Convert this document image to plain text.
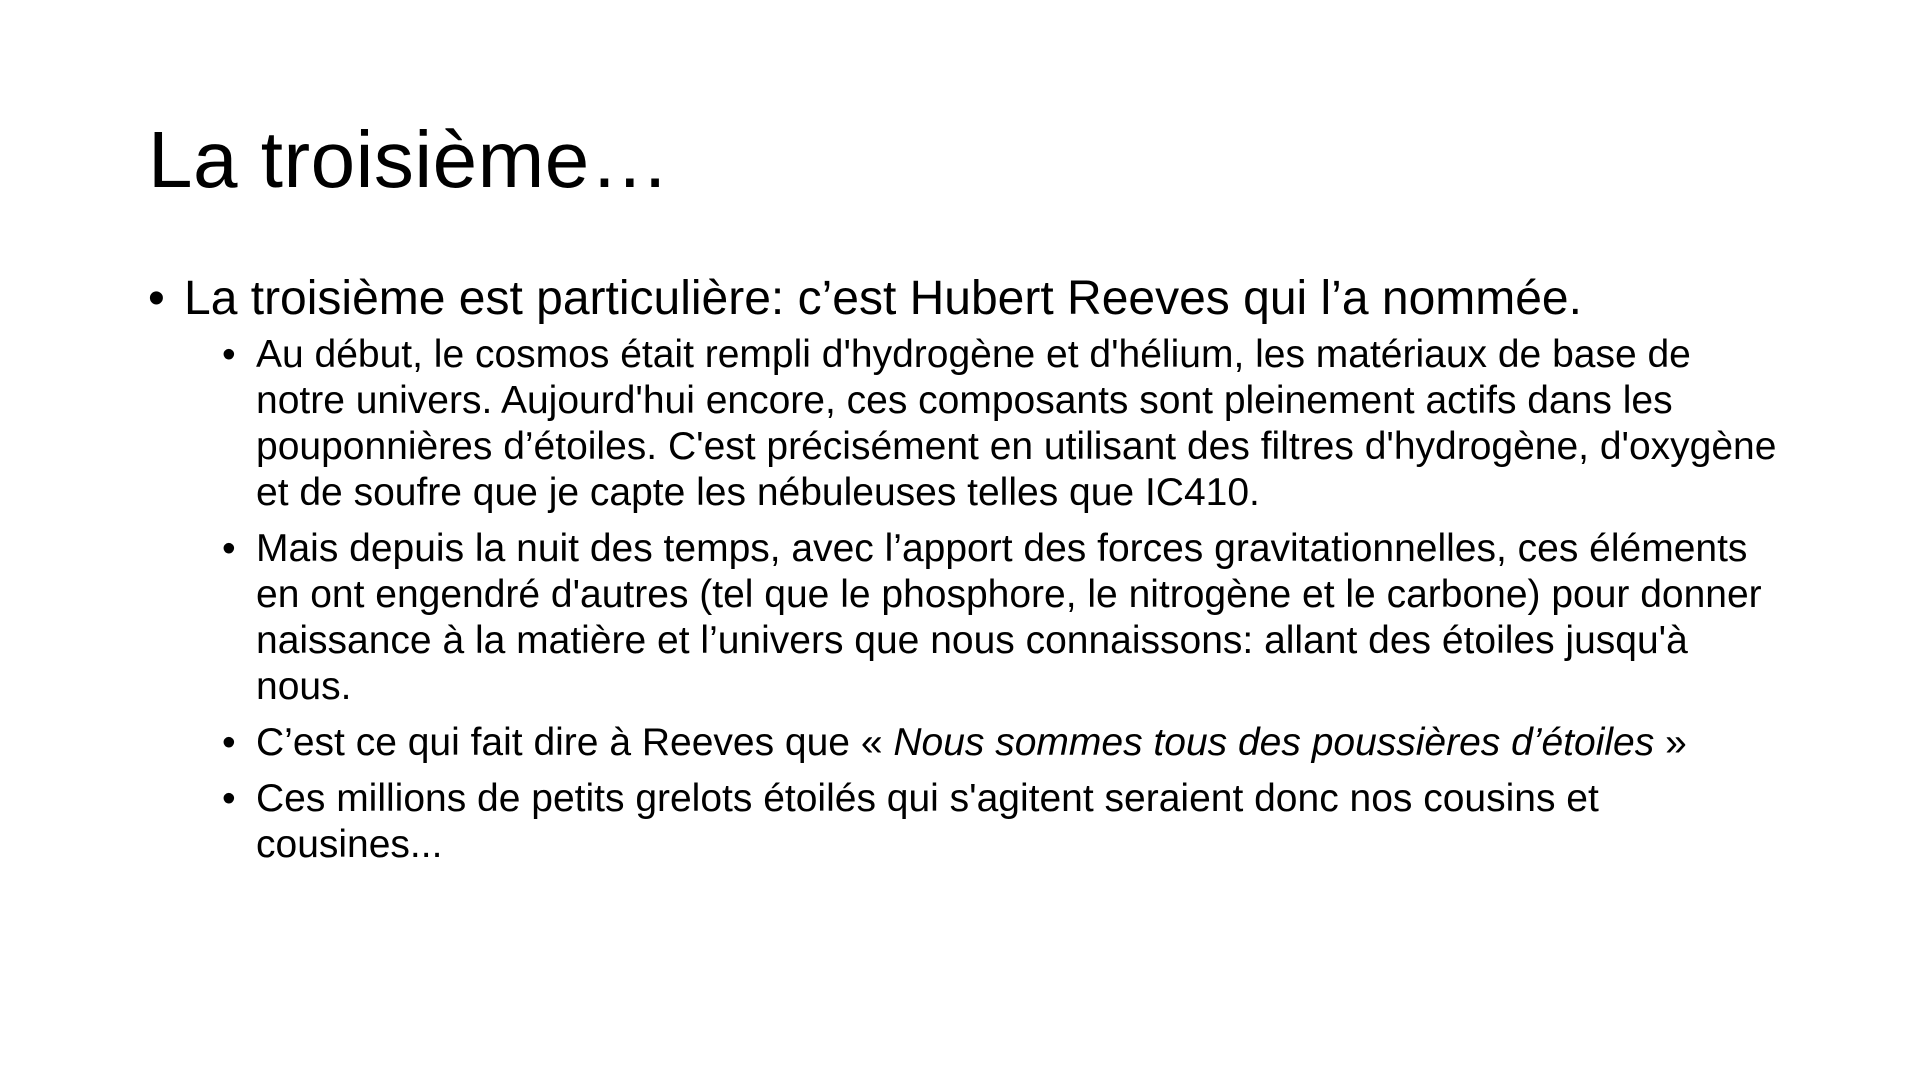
La troisième…
• La troisième est particulière: c’est Hubert Reeves qui l’a nommée.
• Au début, le cosmos était rempli d'hydrogène et d'hélium, les matériaux de base de notre univers. Aujourd'hui encore, ces composants sont pleinement actifs dans les pouponnières d’étoiles. C'est précisément en utilisant des filtres d'hydrogène, d'oxygène et de soufre que je capte les nébuleuses telles que IC410.
• Mais depuis la nuit des temps, avec l’apport des forces gravitationnelles, ces éléments en ont engendré d'autres (tel que le phosphore, le nitrogène et le carbone) pour donner naissance à la matière et l’univers que nous connaissons: allant des étoiles jusqu'à nous.
• C’est ce qui fait dire à Reeves que « Nous sommes tous des poussières d’étoiles »
• Ces millions de petits grelots étoilés qui s'agitent seraient donc nos cousins et cousines...
